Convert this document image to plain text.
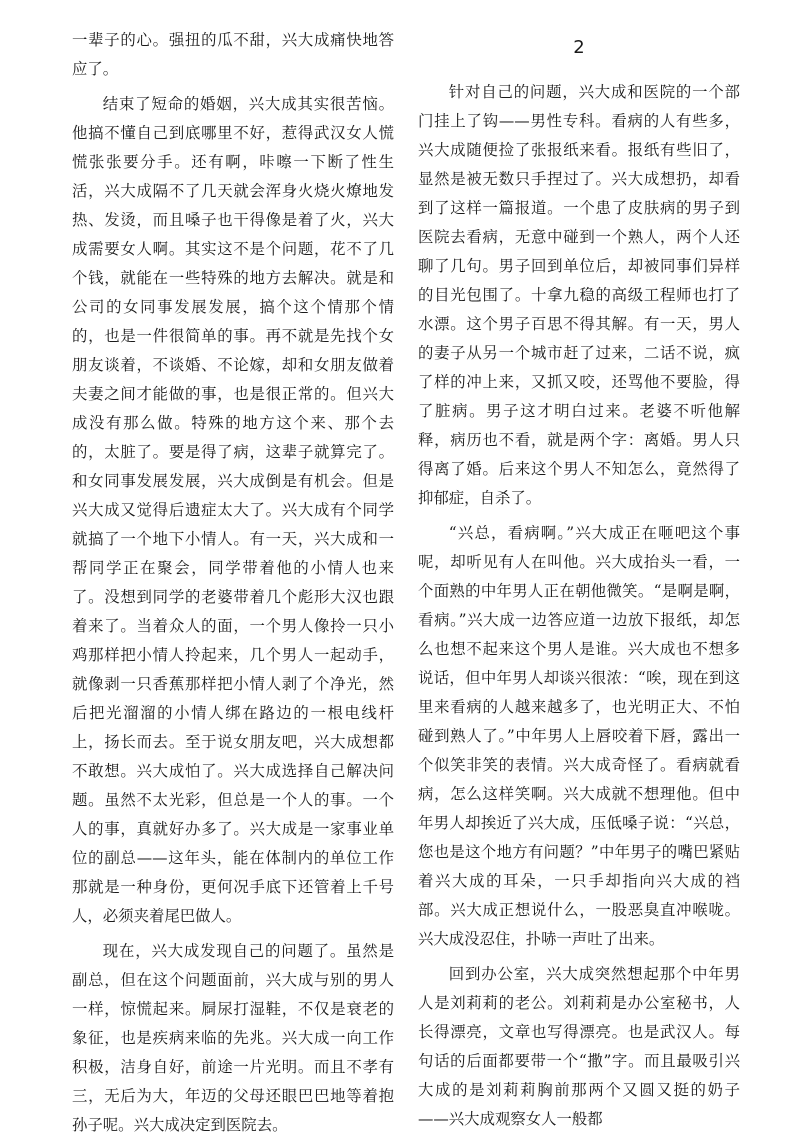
一辈子的心。强扭的瓜不甜，兴大成痛快地答应了。

结束了短命的婚姻，兴大成其实很苦恼。他搞不懂自己到底哪里不好，惹得武汉女人慌慌张张要分手。还有啊，咔嚓一下断了性生活，兴大成隔不了几天就会浑身火烧火燎地发热、发烫，而且嗓子也干得像是着了火，兴大成需要女人啊。其实这不是个问题，花不了几个钱，就能在一些特殊的地方去解决。就是和公司的女同事发展发展，搞个这个情那个情的，也是一件很简单的事。再不就是先找个女朋友谈着，不谈婚、不论嫁，却和女朋友做着夫妻之间才能做的事，也是很正常的。但兴大成没有那么做。特殊的地方这个来、那个去的，太脏了。要是得了病，这辈子就算完了。和女同事发展发展，兴大成倒是有机会。但是兴大成又觉得后遗症太大了。兴大成有个同学就搞了一个地下小情人。有一天，兴大成和一帮同学正在聚会，同学带着他的小情人也来了。没想到同学的老婆带着几个彪形大汉也跟着来了。当着众人的面，一个男人像拎一只小鸡那样把小情人拎起来，几个男人一起动手，就像剥一只香蕉那样把小情人剥了个净光，然后把光溜溜的小情人绑在路边的一根电线杆上，扬长而去。至于说女朋友吧，兴大成想都不敢想。兴大成怕了。兴大成选择自己解决问题。虽然不太光彩，但总是一个人的事。一个人的事，真就好办多了。兴大成是一家事业单位的副总——这年头，能在体制内的单位工作那就是一种身份，更何况手底下还管着上千号人，必须夹着尾巴做人。

现在，兴大成发现自己的问题了。虽然是副总，但在这个问题面前，兴大成与别的男人一样，惊慌起来。屙尿打湿鞋，不仅是衰老的象征，也是疾病来临的先兆。兴大成一向工作积极，洁身自好，前途一片光明。而且不孝有三，无后为大，年迈的父母还眼巴巴地等着抱孙子呢。兴大成决定到医院去。

2

针对自己的问题，兴大成和医院的一个部门挂上了钩——男性专科。看病的人有些多，兴大成随便捡了张报纸来看。报纸有些旧了，显然是被无数只手捏过了。兴大成想扔，却看到了这样一篇报道。一个患了皮肤病的男子到医院去看病，无意中碰到一个熟人，两个人还聊了几句。男子回到单位后，却被同事们异样的目光包围了。十拿九稳的高级工程师也打了水漂。这个男子百思不得其解。有一天，男人的妻子从另一个城市赶了过来，二话不说，疯了样的冲上来，又抓又咬，还骂他不要脸，得了脏病。男子这才明白过来。老婆不听他解释，病历也不看，就是两个字：离婚。男人只得离了婚。后来这个男人不知怎么，竟然得了抑郁症，自杀了。

“兴总，看病啊。”兴大成正在咂吧这个事呢，却听见有人在叫他。兴大成抬头一看，一个面熟的中年男人正在朝他微笑。“是啊是啊，看病。”兴大成一边答应道一边放下报纸，却怎么也想不起来这个男人是谁。兴大成也不想多说话，但中年男人却谈兴很浓：“唉，现在到这里来看病的人越来越多了，也光明正大、不怕碰到熟人了。”中年男人上唇咬着下唇，露出一个似笑非笑的表情。兴大成奇怪了。看病就看病，怎么这样笑啊。兴大成就不想理他。但中年男人却挨近了兴大成，压低嗓子说：“兴总，您也是这个地方有问题？”中年男子的嘴巴紧贴着兴大成的耳朵，一只手却指向兴大成的裆部。兴大成正想说什么，一股恶臭直冲喉咙。兴大成没忍住，扑哧一声吐了出来。

回到办公室，兴大成突然想起那个中年男人是刘莉莉的老公。刘莉莉是办公室秘书，人长得漂亮，文章也写得漂亮。也是武汉人。每句话的后面都要带一个“撒”字。而且最吸引兴大成的是刘莉莉胸前那两个又圆又挺的奶子——兴大成观察女人一般都
